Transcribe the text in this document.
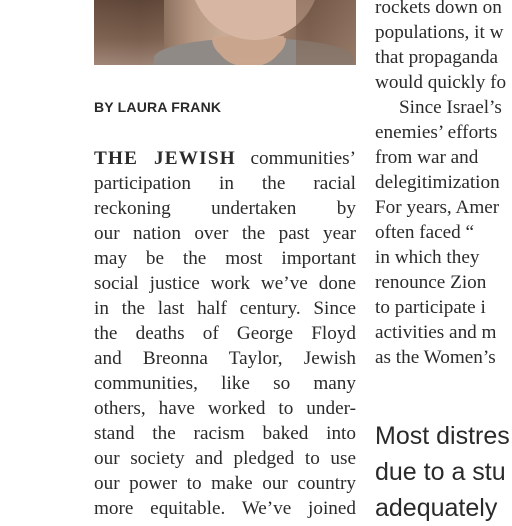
BY LAURA FRANK

THE JEWISH communities’
participation in the racial
reckoning undertaken by
our nation over the past year
may be the most important
social justice work we’ve done
in the last half century. Since
the deaths of George Floyd
and Breonna Taylor, Jewish
communities, like so many
others, have worked to under-
stand the racism baked into
our society and pledged to use
our power to make our country
more equitable. We’ve joined
rockets down on
populations, it w
that propaganda
would quickly fo
Since Israel’s
enemies’ efforts
from war and
delegitimization
For years, Amer
often faced “
in which they
renounce Zion
to participate i
activities and m
as the Women’s
Most distres
due to a stu
adequately
